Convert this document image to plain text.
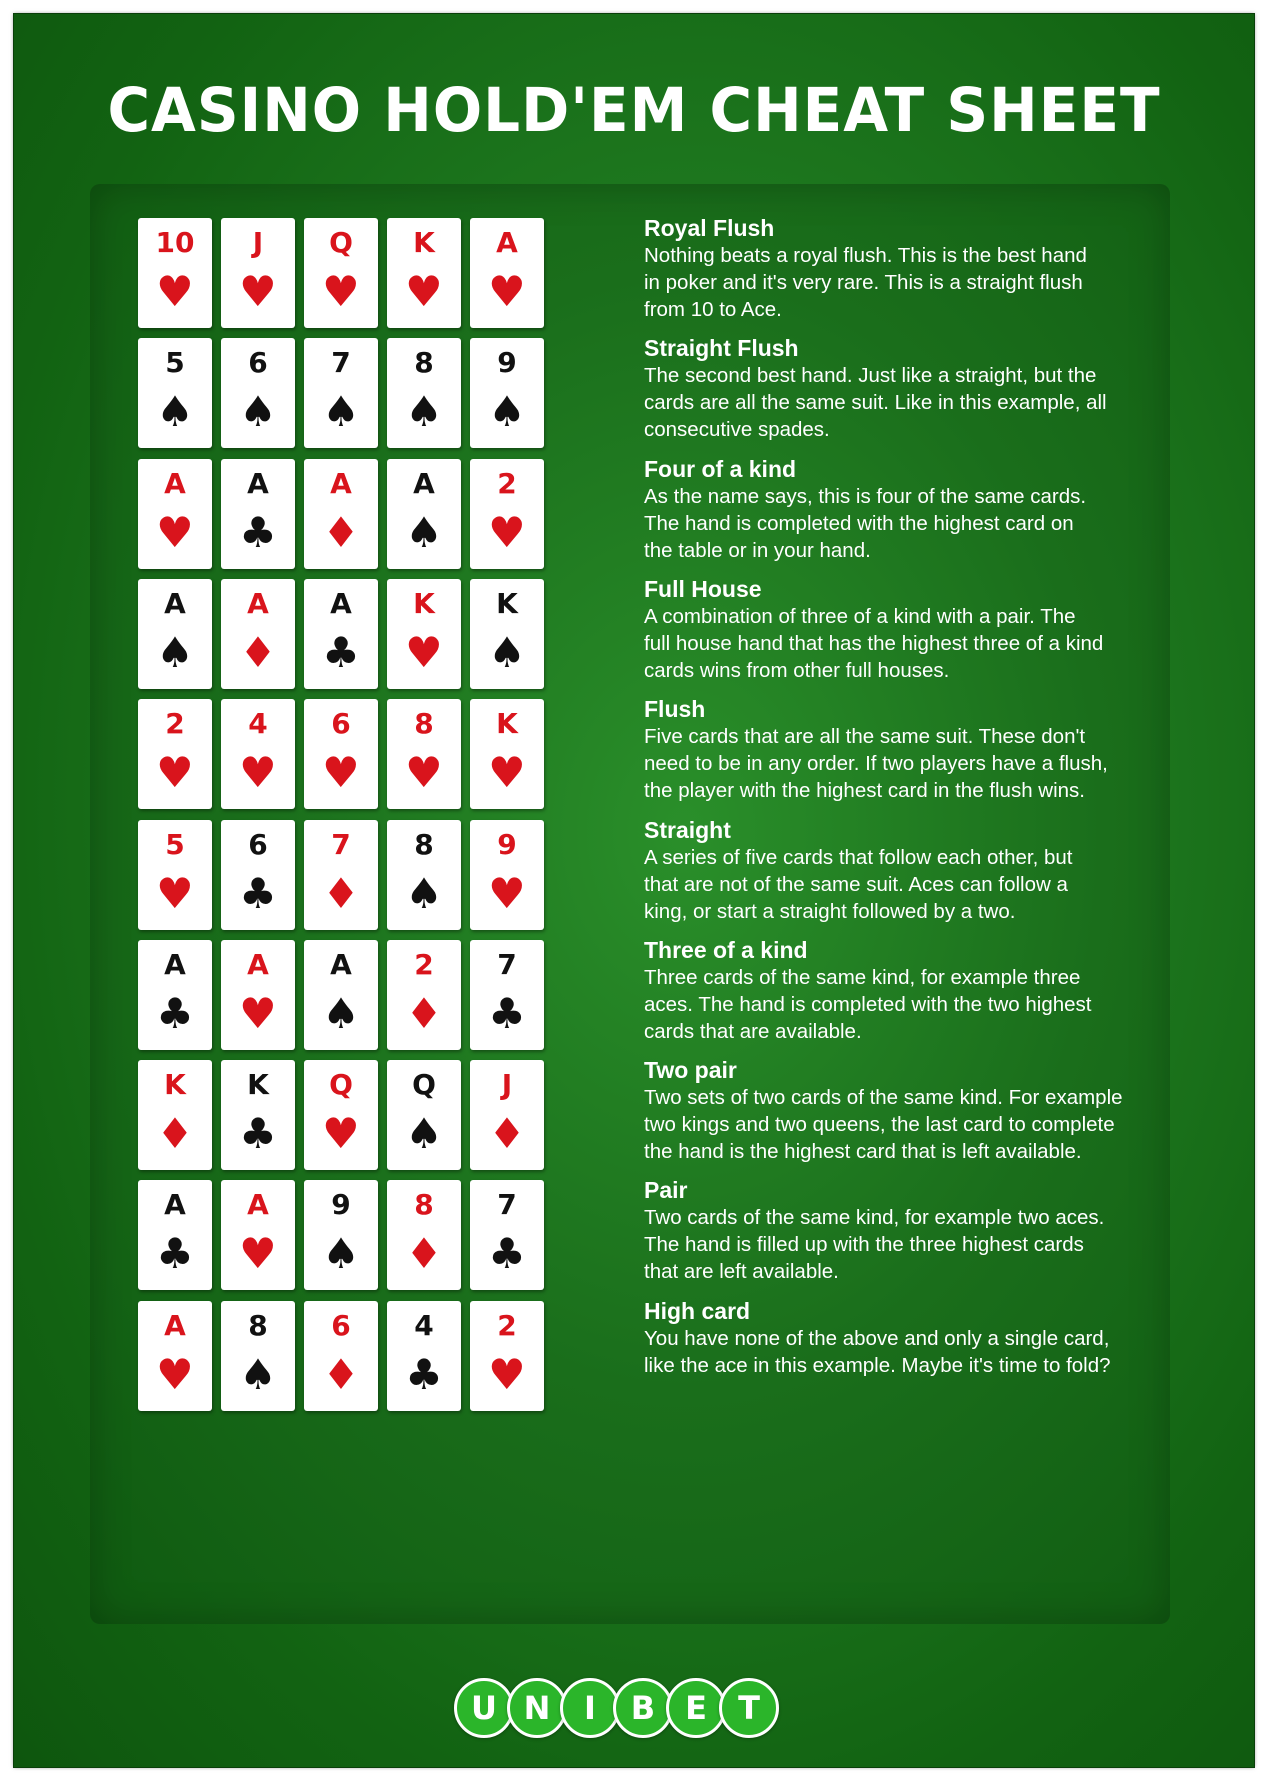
CASINO HOLD'EM CHEAT SHEET
10
♥
J
♥
Q
♥
K
♥
A
♥

Royal Flush

Nothing beats a royal flush. This is the best hand

in poker and it's very rare. This is a straight flush

from 10 to Ace.

5
♠
6
♠
7
♠
8
♠
9
♠

Straight Flush

The second best hand. Just like a straight, but the

cards are all the same suit. Like in this example, all

consecutive spades.

A
♥
A
♣
A
♦
A
♠
2
♥

Four of a kind

As the name says, this is four of the same cards.

The hand is completed with the highest card on

the table or in your hand.

A
♠
A
♦
A
♣
K
♥
K
♠

Full House

A combination of three of a kind with a pair. The

full house hand that has the highest three of a kind

cards wins from other full houses.

2
♥
4
♥
6
♥
8
♥
K
♥

Flush

Five cards that are all the same suit. These don't

need to be in any order. If two players have a flush,

the player with the highest card in the flush wins.

5
♥
6
♣
7
♦
8
♠
9
♥

Straight

A series of five cards that follow each other, but

that are not of the same suit. Aces can follow a

king, or start a straight followed by a two.

A
♣
A
♥
A
♠
2
♦
7
♣

Three of a kind

Three cards of the same kind, for example three

aces. The hand is completed with the two highest

cards that are available.

K
♦
K
♣
Q
♥
Q
♠
J
♦

Two pair

Two sets of two cards of the same kind. For example

two kings and two queens, the last card to complete

the hand is the highest card that is left available.

A
♣
A
♥
9
♠
8
♦
7
♣

Pair

Two cards of the same kind, for example two aces.

The hand is filled up with the three highest cards

that are left available.

A
♥
8
♠
6
♦
4
♣
2
♥

High card

You have none of the above and only a single card,

like the ace in this example. Maybe it's time to fold?

U N	I	B E T
